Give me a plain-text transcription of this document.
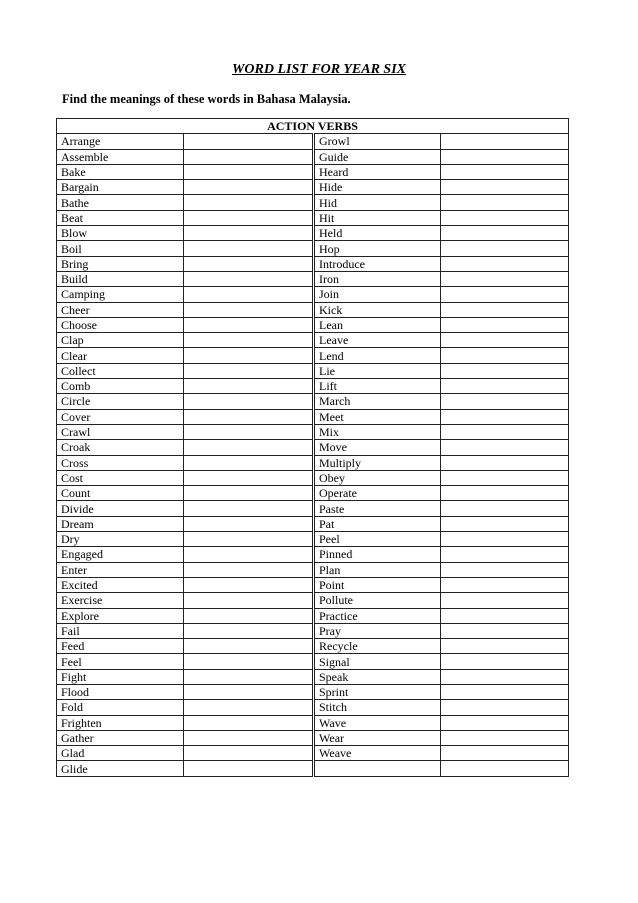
WORD LIST FOR YEAR SIX
Find the meanings of these words in Bahasa Malaysia.
ACTION VERBS			
Arrange		Growl	
Assemble		Guide	
Bake		Heard	
Bargain		Hide	
Bathe		Hid	
Beat		Hit	
Blow		Held	
Boil		Hop	
Bring		Introduce	
Build		Iron	
Camping		Join	
Cheer		Kick	
Choose		Lean	
Clap		Leave	
Clear		Lend	
Collect		Lie	
Comb		Lift	
Circle		March	
Cover		Meet	
Crawl		Mix	
Croak		Move	
Cross		Multiply	
Cost		Obey	
Count		Operate	
Divide		Paste	
Dream		Pat	
Dry		Peel	
Engaged		Pinned	
Enter		Plan	
Excited		Point	
Exercise		Pollute	
Explore		Practice	
Fail		Pray	
Feed		Recycle	
Feel		Signal	
Fight		Speak	
Flood		Sprint	
Fold		Stitch	
Frighten		Wave	
Gather		Wear	
Glad		Weave	
Glide			
